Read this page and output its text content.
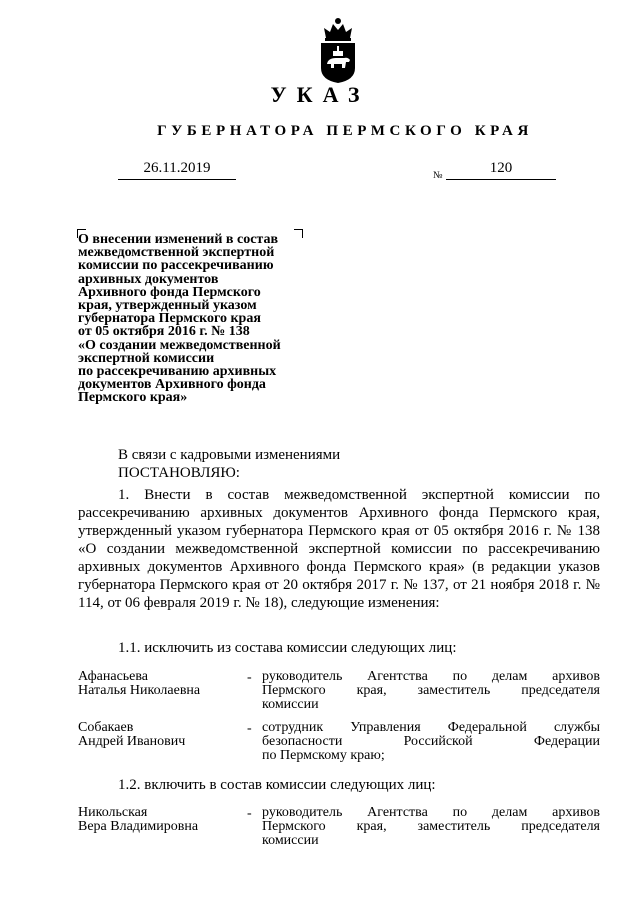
УКАЗ
ГУБЕРНАТОРА ПЕРМСКОГО КРАЯ
26.11.2019	№	120
О внесении изменений в состав
межведомственной экспертной
комиссии по рассекречиванию
архивных документов
Архивного фонда Пермского
края, утвержденный указом
губернатора Пермского края
от 05 октября 2016 г. № 138
«О создании межведомственной
экспертной комиссии
по рассекречиванию архивных
документов Архивного фонда
Пермского края»
В связи с кадровыми изменениями
ПОСТАНОВЛЯЮ:
1. Внести в состав межведомственной экспертной комиссии по рассекречиванию архивных документов Архивного фонда Пермского края, утвержденный указом губернатора Пермского края от 05 октября 2016 г. № 138 «О создании межведомственной экспертной комиссии по рассекречиванию архивных документов Архивного фонда Пермского края» (в редакции указов губернатора Пермского края от 20 октября 2017 г. № 137, от 21 ноября 2018 г. № 114, от 06 февраля 2019 г. № 18), следующие изменения:
1.1. исключить из состава комиссии следующих лиц:
Афанасьева
Наталья Николаевна
- руководитель Агентства по делам архивов
Пермского края, заместитель председателя
комиссии
Собакаев
Андрей Иванович
- сотрудник Управления Федеральной службы
безопасности Российской Федерации
по Пермскому краю;
1.2. включить в состав комиссии следующих лиц:
Никольская
Вера Владимировна
- руководитель Агентства по делам архивов
Пермского края, заместитель председателя
комиссии
